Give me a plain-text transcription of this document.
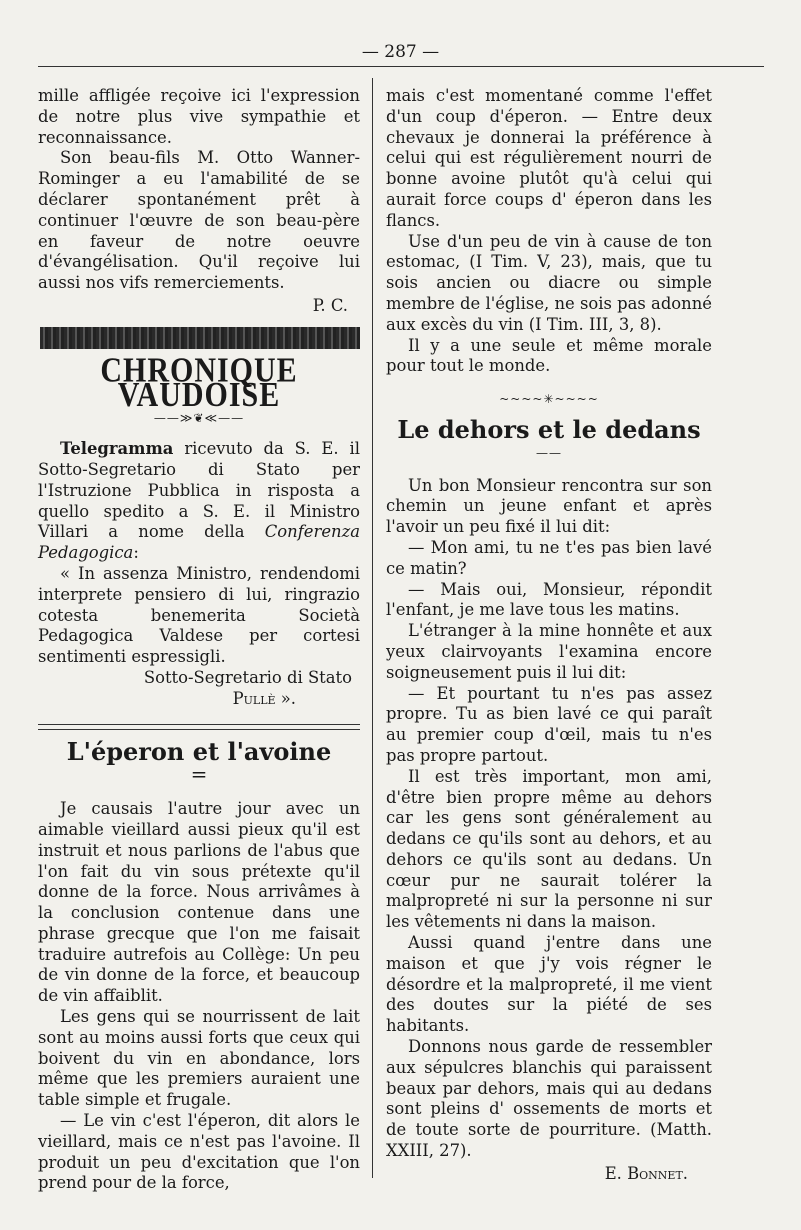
— 287 —

mille affligée reçoive ici l'expression de notre plus vive sympathie et reconnaissance.

Son beau-fils M. Otto Wanner-Rominger a eu l'amabilité de se déclarer spontanément prêt à continuer l'œuvre de son beau-père en faveur de notre oeuvre d'évangélisation. Qu'il reçoive lui aussi nos vifs remerciements.

P. C.
CHRONIQUE VAUDOISE
——≫❦≪——

Telegramma ricevuto da S. E. il Sotto-Segretario di Stato per l'Istruzione Pubblica in risposta a quello spedito a S. E. il Ministro Villari a nome della Conferenza Pedagogica:

« In assenza Ministro, rendendomi interprete pensiero di lui, ringrazio cotesta benemerita Società Pedagogica Valdese per cortesi sentimenti espressigli.

Sotto-Segretario di Stato
Pullè ».
L'éperon et l'avoine
=

Je causais l'autre jour avec un aimable vieillard aussi pieux qu'il est instruit et nous parlions de l'abus que l'on fait du vin sous prétexte qu'il donne de la force. Nous arrivâmes à la conclusion contenue dans une phrase grecque que l'on me faisait traduire autrefois au Collège: Un peu de vin donne de la force, et beaucoup de vin affaiblit.

Les gens qui se nourrissent de lait sont au moins aussi forts que ceux qui boivent du vin en abondance, lors même que les premiers auraient une table simple et frugale.

— Le vin c'est l'éperon, dit alors le vieillard, mais ce n'est pas l'avoine. Il produit un peu d'excitation que l'on prend pour de la force,

mais c'est momentané comme l'effet d'un coup d'éperon. — Entre deux chevaux je donnerai la préférence à celui qui est régulièrement nourri de bonne avoine plutôt qu'à celui qui aurait force coups d' éperon dans les flancs.

Use d'un peu de vin à cause de ton estomac, (I Tim. V, 23), mais, que tu sois ancien ou diacre ou simple membre de l'église, ne sois pas adonné aux excès du vin (I Tim. III, 3, 8).

Il y a une seule et même morale pour tout le monde.

~~~~✳~~~~
Le dehors et le dedans
——

Un bon Monsieur rencontra sur son chemin un jeune enfant et après l'avoir un peu fixé il lui dit:

— Mon ami, tu ne t'es pas bien lavé ce matin?

— Mais oui, Monsieur, répondit l'enfant, je me lave tous les matins.

L'étranger à la mine honnête et aux yeux clairvoyants l'examina encore soigneusement puis il lui dit:

— Et pourtant tu n'es pas assez propre. Tu as bien lavé ce qui paraît au premier coup d'œil, mais tu n'es pas propre partout.

Il est très important, mon ami, d'être bien propre même au dehors car les gens sont généralement au dedans ce qu'ils sont au dehors, et au dehors ce qu'ils sont au dedans. Un cœur pur ne saurait tolérer la malpropreté ni sur la personne ni sur les vêtements ni dans la maison.

Aussi quand j'entre dans une maison et que j'y vois régner le désordre et la malpropreté, il me vient des doutes sur la piété de ses habitants.

Donnons nous garde de ressembler aux sépulcres blanchis qui paraissent beaux par dehors, mais qui au dedans sont pleins d' ossements de morts et de toute sorte de pourriture. (Matth. XXIII, 27).

E. Bonnet.
